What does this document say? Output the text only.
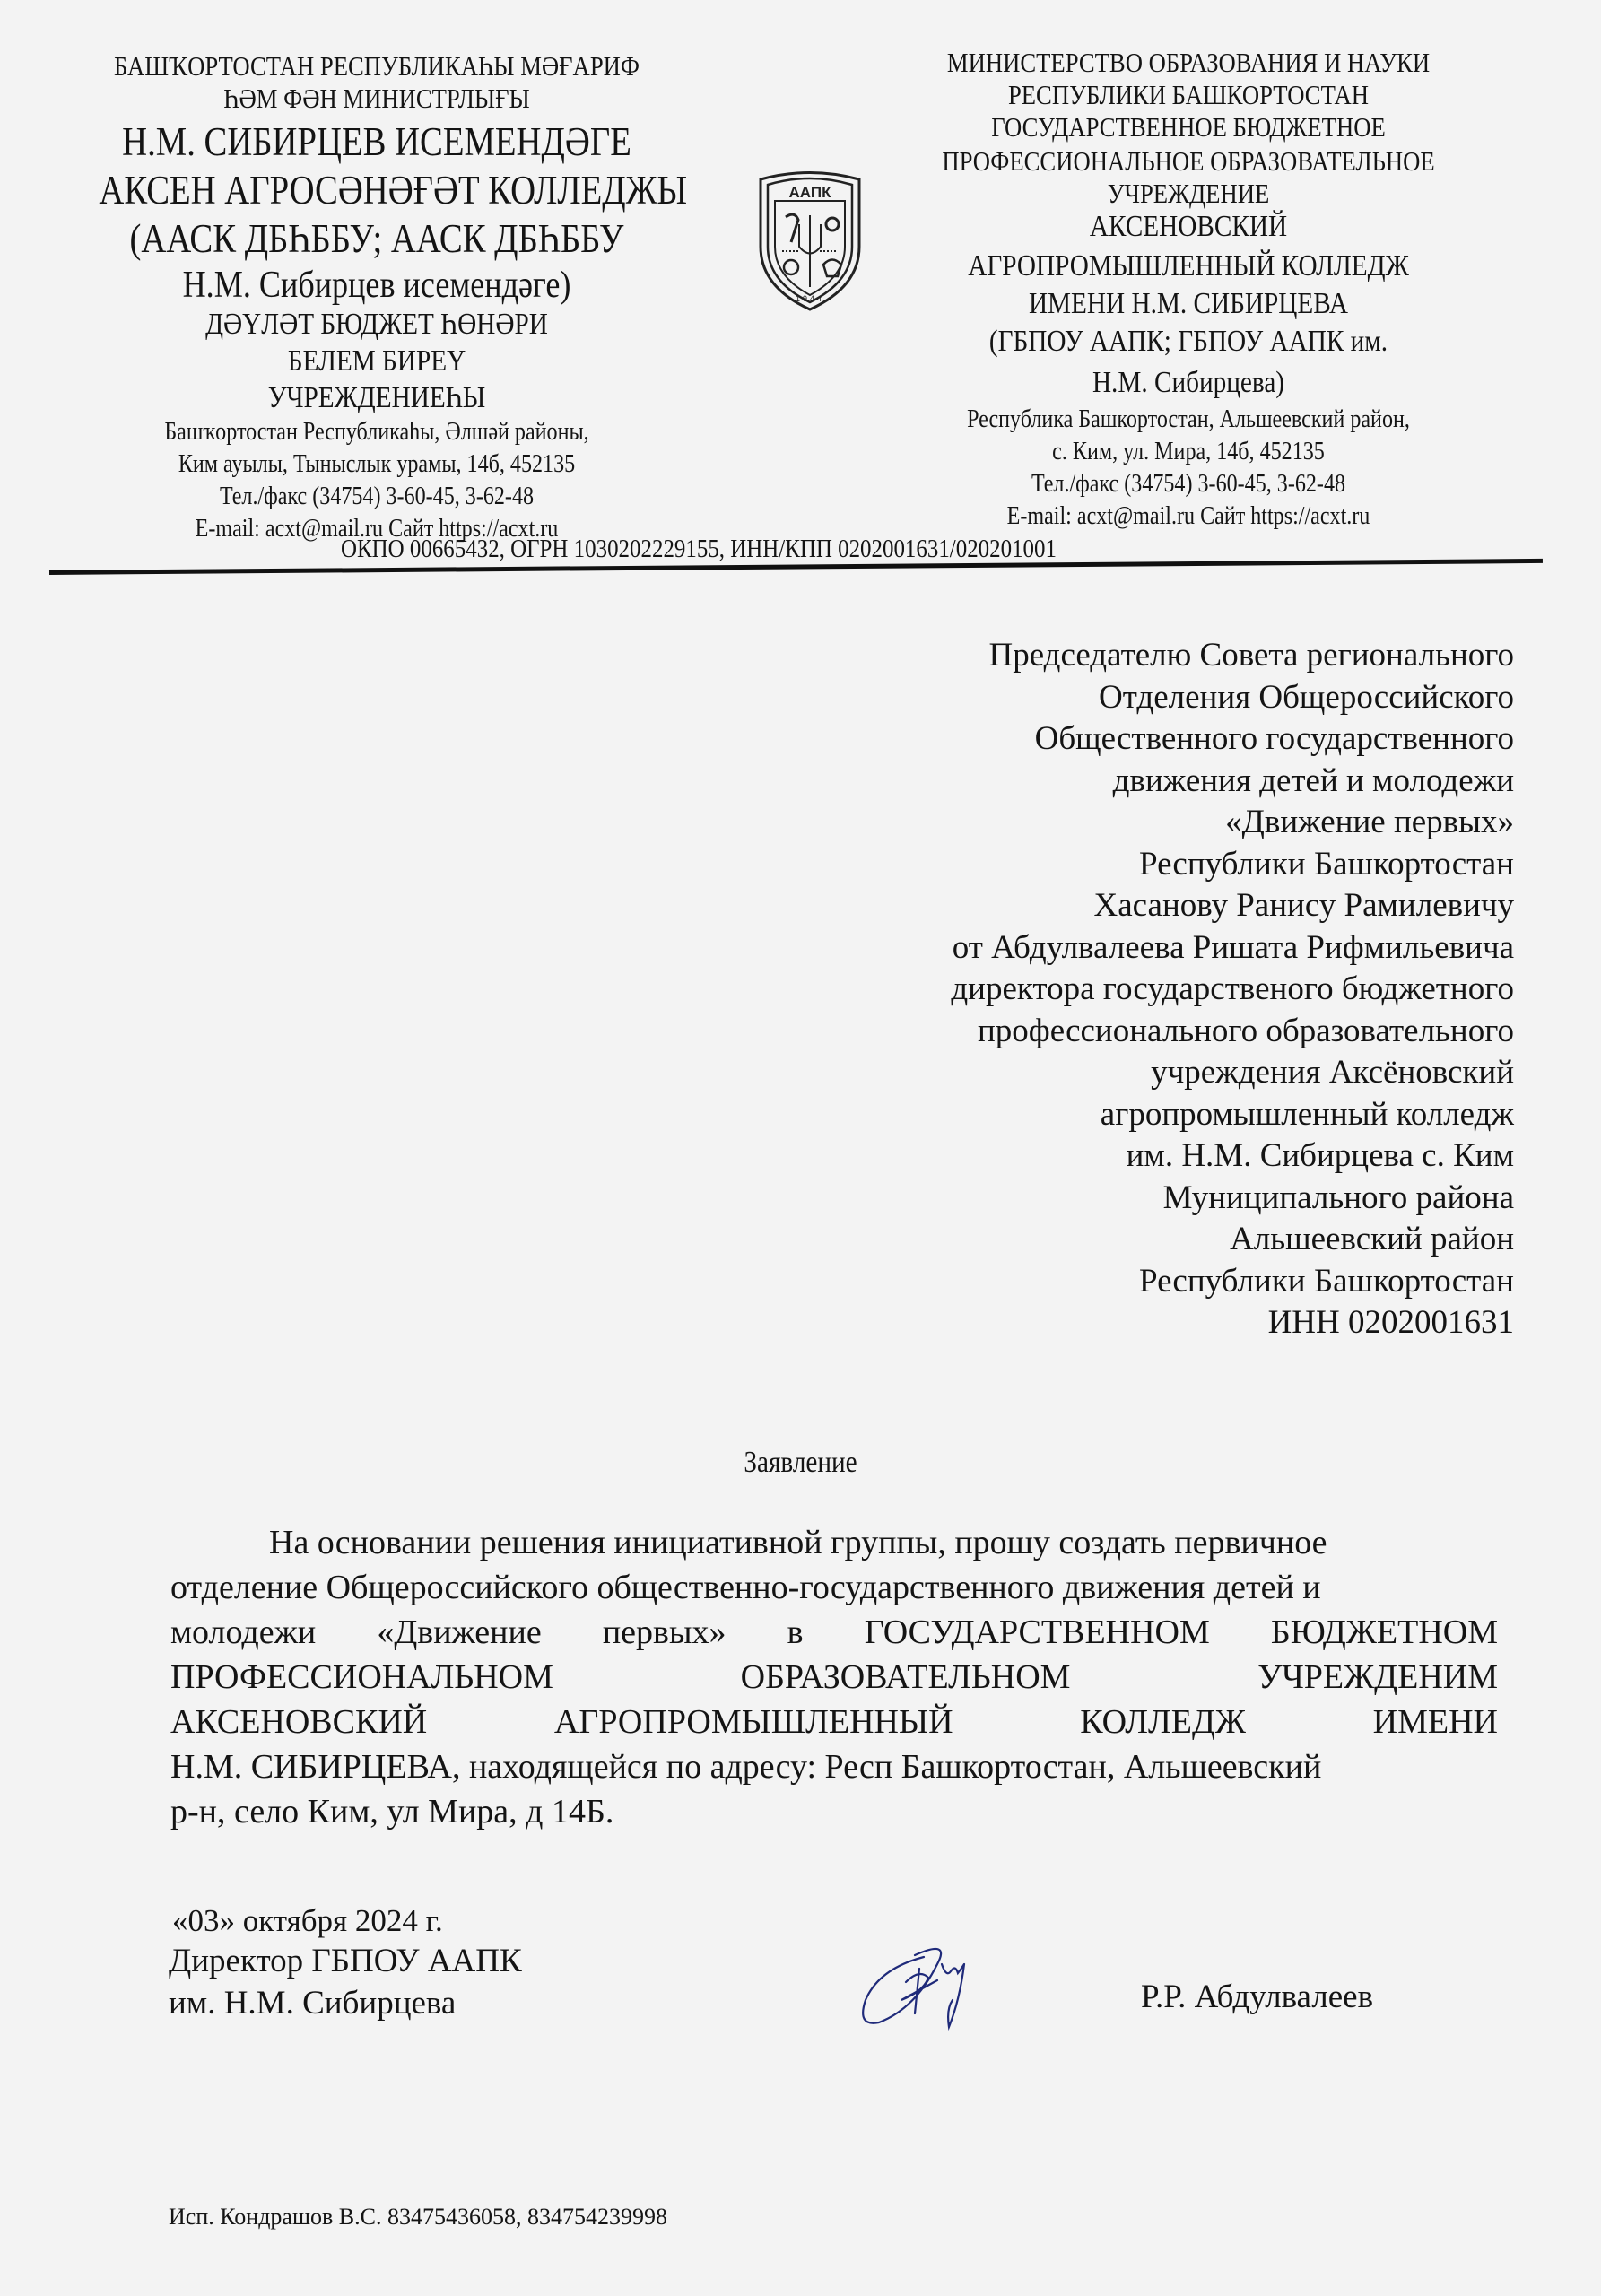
БАШҠОРТОСТАН РЕСПУБЛИКАҺЫ МӘҒАРИФ
ҺӘМ ФӘН МИНИСТРЛЫҒЫ
Н.М. СИБИРЦЕВ ИСЕМЕНДӘГЕ
АКСЕН АГРОСӘНӘҒӘТ КОЛЛЕДЖЫ
(ААСК ДБҺББУ; ААСК ДБҺББУ
Н.М. Сибирцев исемендәге)
ДӘҮЛӘТ БЮДЖЕТ ҺӨНӘРИ
БЕЛЕМ БИРЕҮ
УЧРЕЖДЕНИЕҺЫ
Башҡортостан Республикаһы, Әлшәй районы,
Ким ауылы, Тыныслык урамы, 14б, 452135
Тел./факс (34754) 3-60-45, 3-62-48
E-mail: acxt@mail.ru Сайт https://acxt.ru
ААПК
1944
МИНИСТЕРСТВО ОБРАЗОВАНИЯ И НАУКИ
РЕСПУБЛИКИ БАШКОРТОСТАН
ГОСУДАРСТВЕННОЕ БЮДЖЕТНОЕ
ПРОФЕССИОНАЛЬНОЕ ОБРАЗОВАТЕЛЬНОЕ
УЧРЕЖДЕНИЕ
АКСЕНОВСКИЙ
АГРОПРОМЫШЛЕННЫЙ КОЛЛЕДЖ
ИМЕНИ Н.М. СИБИРЦЕВА
(ГБПОУ ААПК; ГБПОУ ААПК им.
Н.М. Сибирцева)
Республика Башкортостан, Альшеевский район,
с. Ким, ул. Мира, 14б, 452135
Тел./факс (34754) 3-60-45, 3-62-48
E-mail: acxt@mail.ru Сайт https://acxt.ru
ОКПО 00665432, ОГРН 1030202229155, ИНН/КПП 0202001631/020201001
Председателю Совета регионального
Отделения Общероссийского
Общественного государственного
движения детей и молодежи
«Движение первых»
Республики Башкортостан
Хасанову Ранису Рамилевичу
от Абдулвалеева Ришата Рифмильевича
директора государственого бюджетного
профессионального образовательного
учреждения Аксёновский
агропромышленный колледж
им. Н.М. Сибирцева с. Ким
Муниципального района
Альшеевский район
Республики Башкортостан
ИНН 0202001631
Заявление
На основании решения инициативной группы, прошу создать первичное
отделение Общероссийского общественно-государственного движения детей и
молодежи «Движение первых» в ГОСУДАРСТВЕННОМ БЮДЖЕТНОМ
ПРОФЕССИОНАЛЬНОМ ОБРАЗОВАТЕЛЬНОМ УЧРЕЖДЕНИМ
АКСЕНОВСКИЙ АГРОПРОМЫШЛЕННЫЙ КОЛЛЕДЖ ИМЕНИ
Н.М. СИБИРЦЕВА, находящейся по адресу: Респ Башкортостан, Альшеевский
р-н, село Ким, ул Мира, д 14Б.
«03» октября 2024 г.
Директор ГБПОУ ААПК
им. Н.М. Сибирцева	Р.Р. Абдулвалеев
Исп. Кондрашов В.С. 83475436058, 834754239998
